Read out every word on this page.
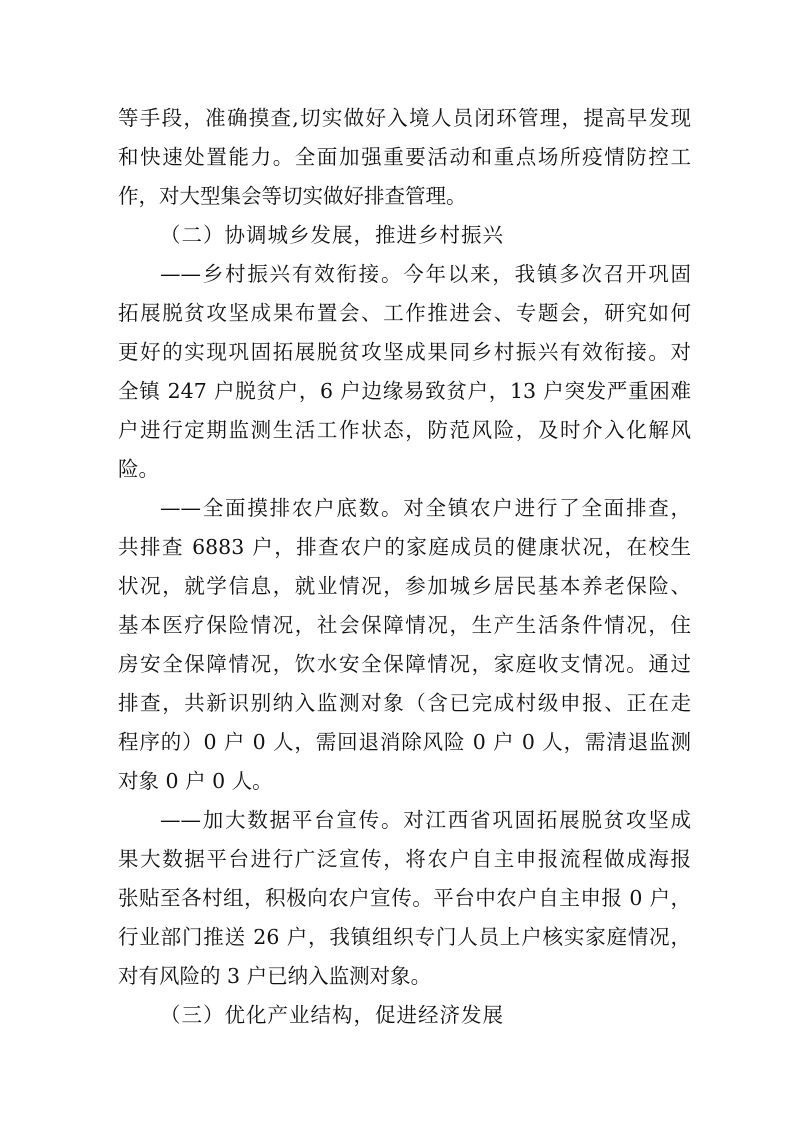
等手段，准确摸查,切实做好入境人员闭环管理，提高早发现
和快速处置能力。全面加强重要活动和重点场所疫情防控工
作，对大型集会等切实做好排查管理。
（二）协调城乡发展，推进乡村振兴
——乡村振兴有效衔接。今年以来，我镇多次召开巩固
拓展脱贫攻坚成果布置会、工作推进会、专题会，研究如何
更好的实现巩固拓展脱贫攻坚成果同乡村振兴有效衔接。对
全镇 247 户脱贫户，6 户边缘易致贫户，13 户突发严重困难
户进行定期监测生活工作状态，防范风险，及时介入化解风
险。
——全面摸排农户底数。对全镇农户进行了全面排查，
共排查 6883 户，排查农户的家庭成员的健康状况，在校生
状况，就学信息，就业情况，参加城乡居民基本养老保险、
基本医疗保险情况，社会保障情况，生产生活条件情况，住
房安全保障情况，饮水安全保障情况，家庭收支情况。通过
排查，共新识别纳入监测对象（含已完成村级申报、正在走
程序的）0 户 0 人，需回退消除风险 0 户 0 人，需清退监测
对象 0 户 0 人。
——加大数据平台宣传。对江西省巩固拓展脱贫攻坚成
果大数据平台进行广泛宣传，将农户自主申报流程做成海报
张贴至各村组，积极向农户宣传。平台中农户自主申报 0 户，
行业部门推送 26 户，我镇组织专门人员上户核实家庭情况，
对有风险的 3 户已纳入监测对象。
（三）优化产业结构，促进经济发展
